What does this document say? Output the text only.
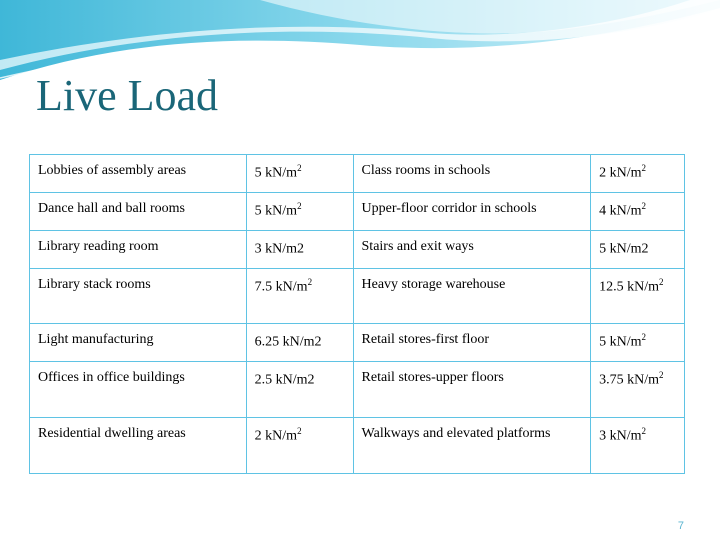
Live Load
Lobbies of assembly areas	5 $kN/m^2$	Class rooms in schools	2 $kN/m^2$
Dance hall and ball rooms	5 $kN/m^2$	Upper-floor corridor in schools	4 $kN/m^2$
Library reading room	3 kN/m2	Stairs and exit ways	5 kN/m2
Library stack rooms	7.5 $kN/m^2$	Heavy storage warehouse	12.5 $kN/m^2$
Light manufacturing	6.25 kN/m2	Retail stores-first floor	5 $kN/m^2$
Offices in office buildings	2.5 kN/m2	Retail stores-upper floors	3.75 $kN/m^2$
Residential dwelling areas	2 $kN/m^2$	Walkways and elevated platforms	3 $kN/m^2$
7
